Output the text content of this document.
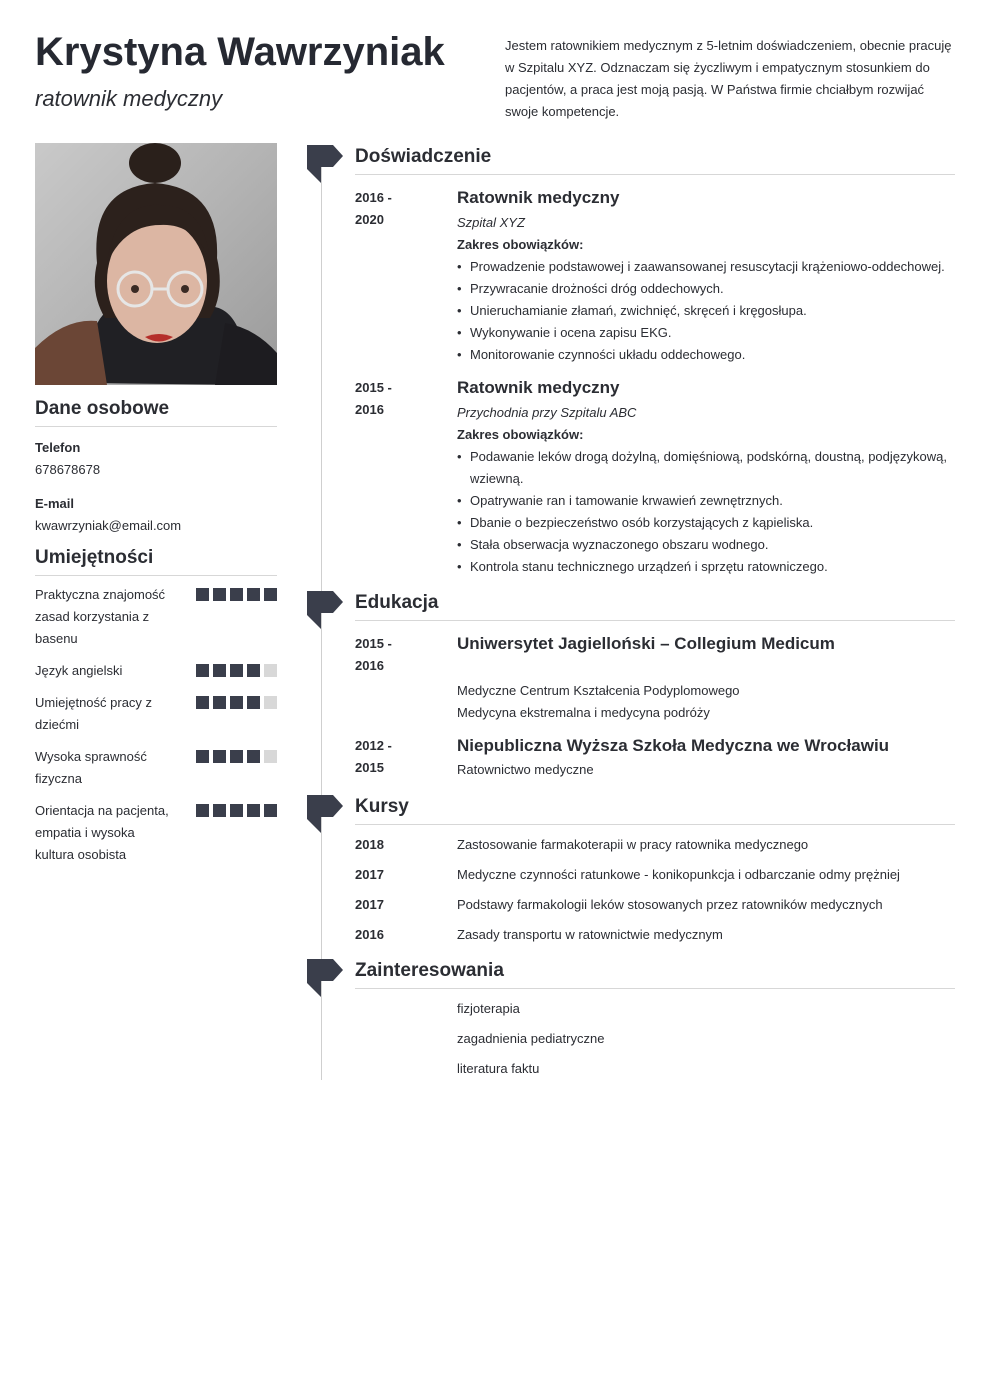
Krystyna Wawrzyniak
ratownik medyczny
Jestem ratownikiem medycznym z 5-letnim doświadczeniem, obecnie pracuję w Szpitalu XYZ. Odznaczam się życzliwym i empatycznym stosunkiem do pacjentów, a praca jest moją pasją. W Państwa firmie chciałbym rozwijać swoje kompetencje.
Dane osobowe
Telefon
678678678
E-mail
kwawrzyniak@email.com
Umiejętności
Praktyczna znajomość zasad korzystania z basenu
Język angielski
Umiejętność pracy z dziećmi
Wysoka sprawność fizyczna
Orientacja na pacjenta, empatia i wysoka kultura osobista
Doświadczenie
2016 -
2020
Ratownik medyczny
Szpital XYZ
Zakres obowiązków:
• Prowadzenie podstawowej i zaawansowanej resuscytacji krążeniowo-oddechowej.
• Przywracanie drożności dróg oddechowych.
• Unieruchamianie złamań, zwichnięć, skręceń i kręgosłupa.
• Wykonywanie i ocena zapisu EKG.
• Monitorowanie czynności układu oddechowego.
2015 -
2016
Ratownik medyczny
Przychodnia przy Szpitalu ABC
Zakres obowiązków:
• Podawanie leków drogą dożylną, domięśniową, podskórną, doustną, podjęzykową, wziewną.
• Opatrywanie ran i tamowanie krwawień zewnętrznych.
• Dbanie o bezpieczeństwo osób korzystających z kąpieliska.
• Stała obserwacja wyznaczonego obszaru wodnego.
• Kontrola stanu technicznego urządzeń i sprzętu ratowniczego.
Edukacja
2015 -
2016
Uniwersytet Jagielloński – Collegium Medicum
Medyczne Centrum Kształcenia Podyplomowego
Medycyna ekstremalna i medycyna podróży
2012 -
2015
Niepubliczna Wyższa Szkoła Medyczna we Wrocławiu
Ratownictwo medyczne
Kursy
2018	Zastosowanie farmakoterapii w pracy ratownika medycznego
2017	Medyczne czynności ratunkowe - konikopunkcja i odbarczanie odmy prężniej
2017	Podstawy farmakologii leków stosowanych przez ratowników medycznych
2016	Zasady transportu w ratownictwie medycznym
Zainteresowania
fizjoterapia
zagadnienia pediatryczne
literatura faktu
